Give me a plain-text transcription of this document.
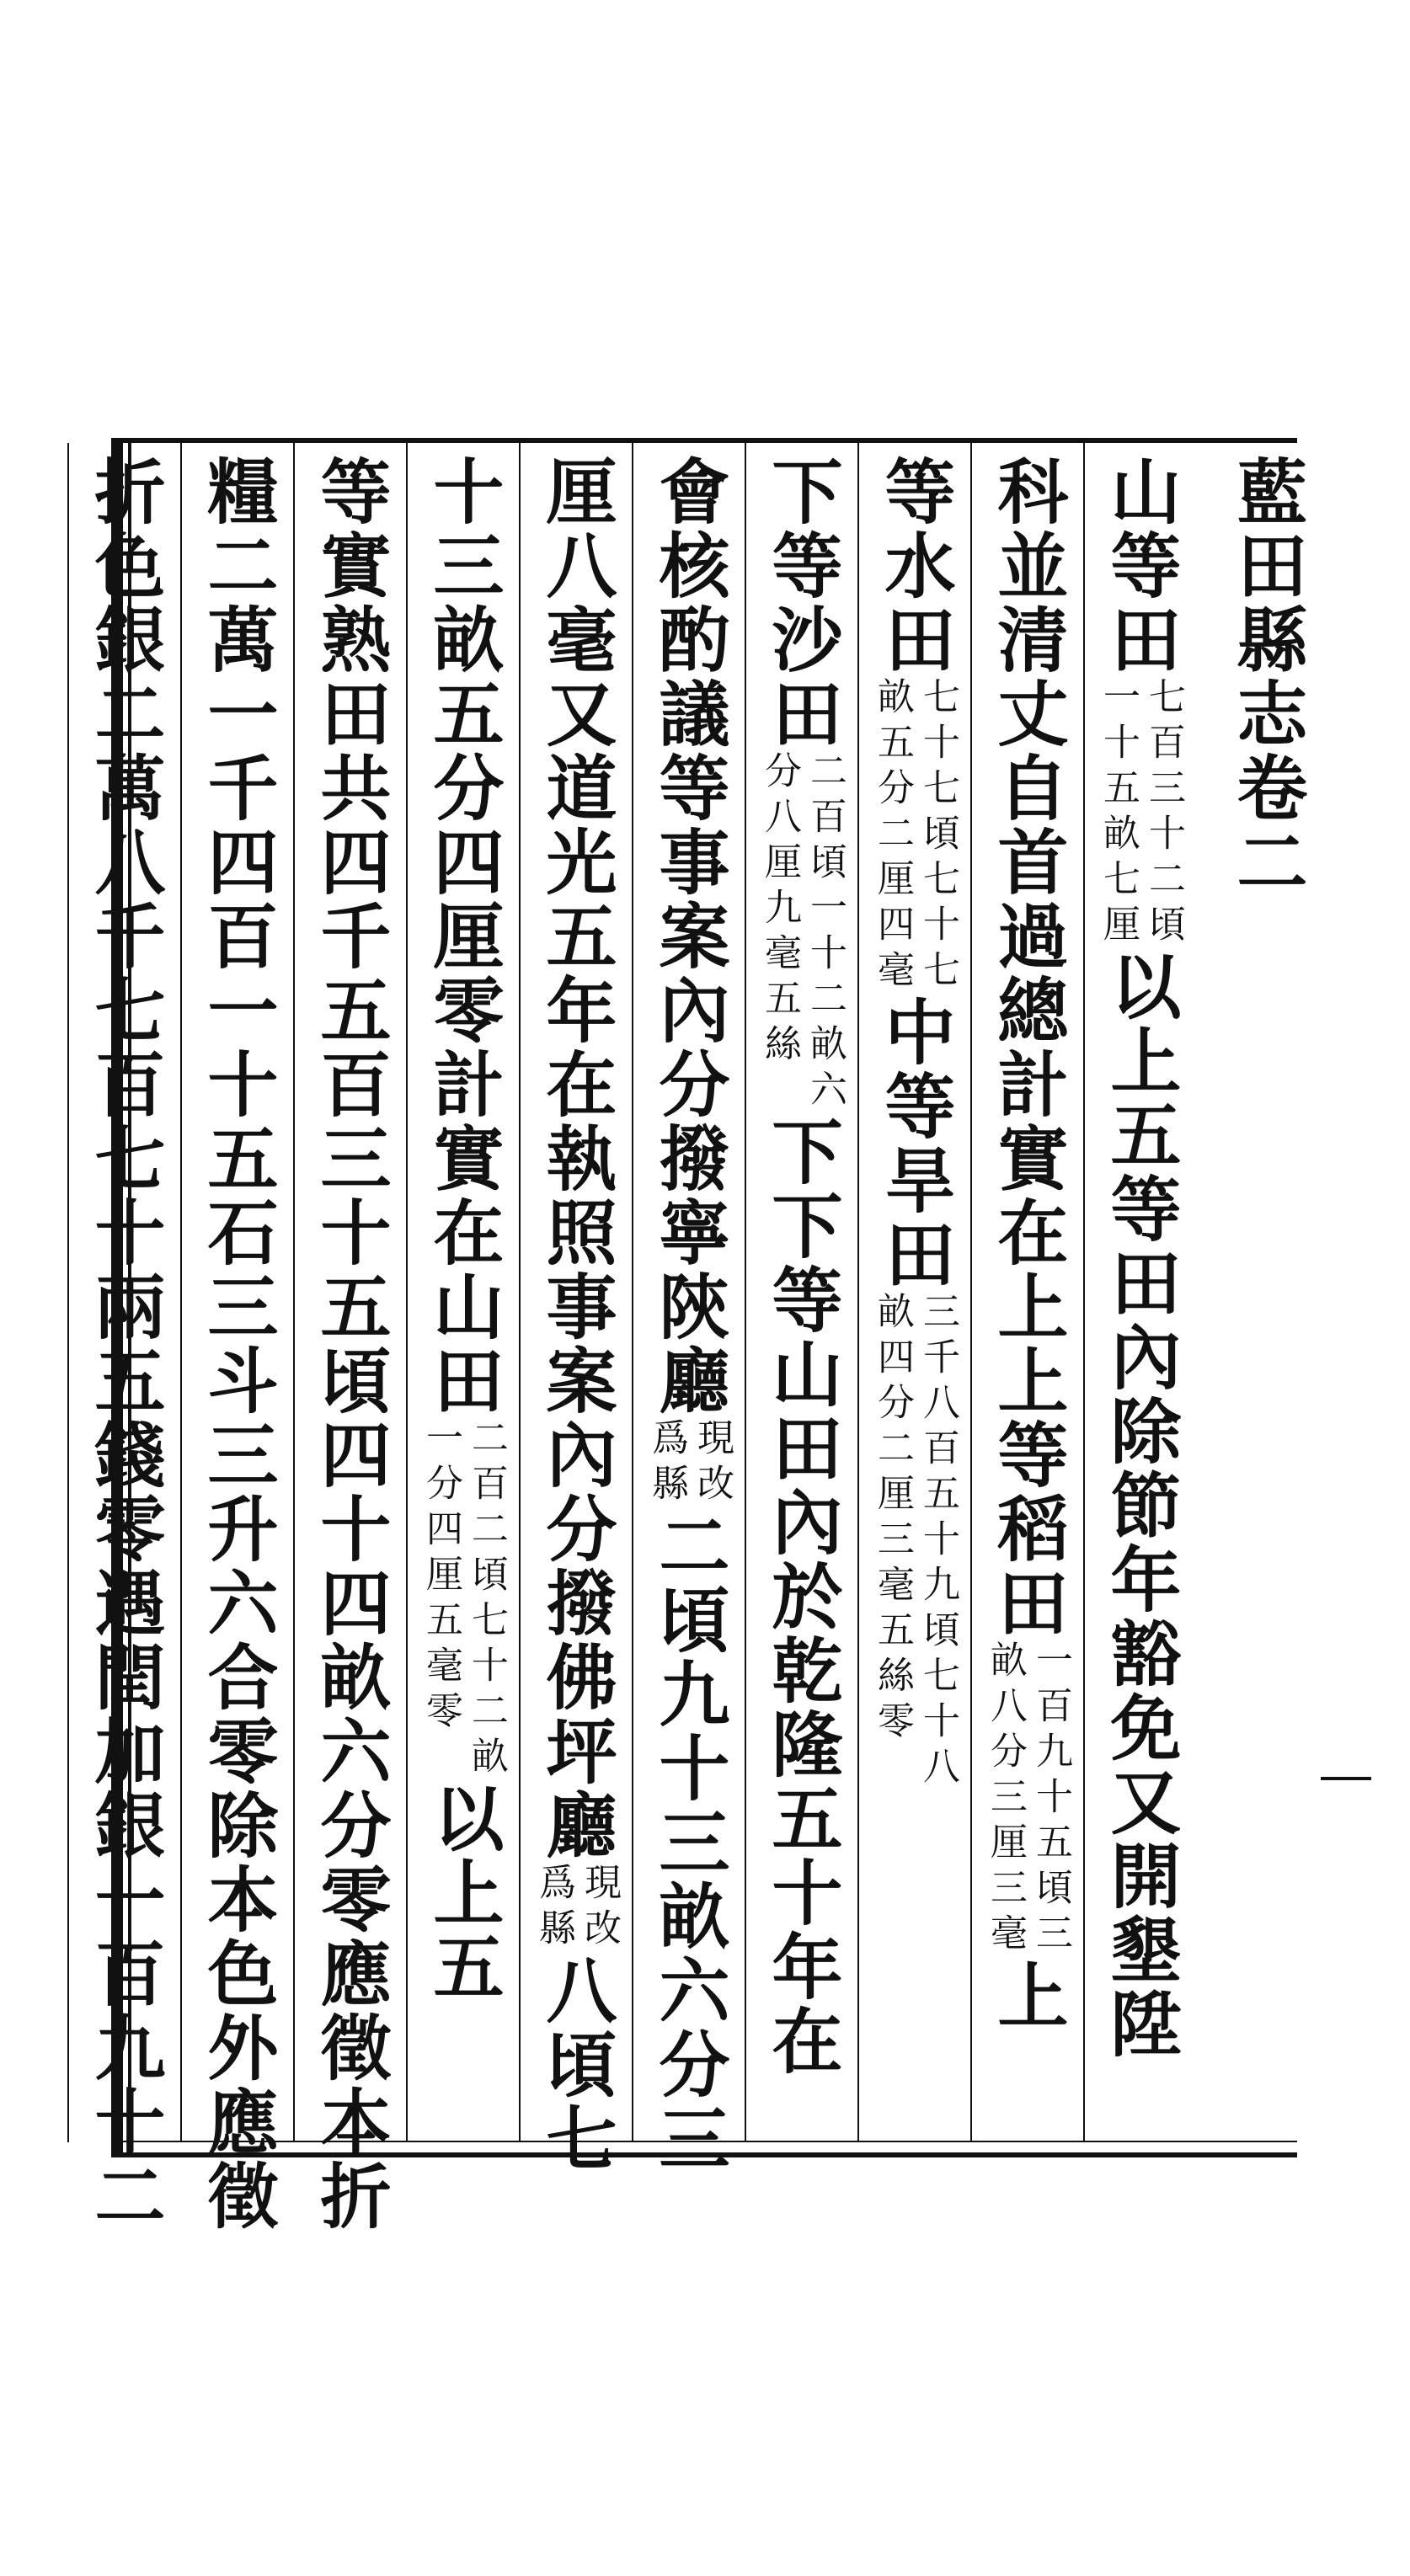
藍田縣志卷二
山等田
七百三十二頃
一十五畝七厘
以上五等田內除節年豁免又開墾陞
科並清丈自首過總計實在上上等稻田
一百九十五頃三
畝八分三厘三毫
上
等水田
七十七頃七十七
畝五分二厘四毫
中等旱田
三千八百五十九頃七十八
畝四分二厘三毫五絲零
下等沙田
二百頃一十二畝六
分八厘九毫五絲
下下等山田內於乾隆五十年在
會核酌議等事案內分撥寧陝廳
現改
爲縣
二頃九十三畝六分三
厘八毫又道光五年在執照事案內分撥佛坪廳
現改
爲縣
八頃七
十三畝五分四厘零計實在山田
二百二頃七十二畝
一分四厘五毫零
以上五
等實熟田共四千五百三十五頃四十四畝六分零應徵本折
糧二萬一千四百一十五石三斗三升六合零除本色外應徵
折色銀二萬八千七百七十兩五錢零遇閏加銀一百九十二
